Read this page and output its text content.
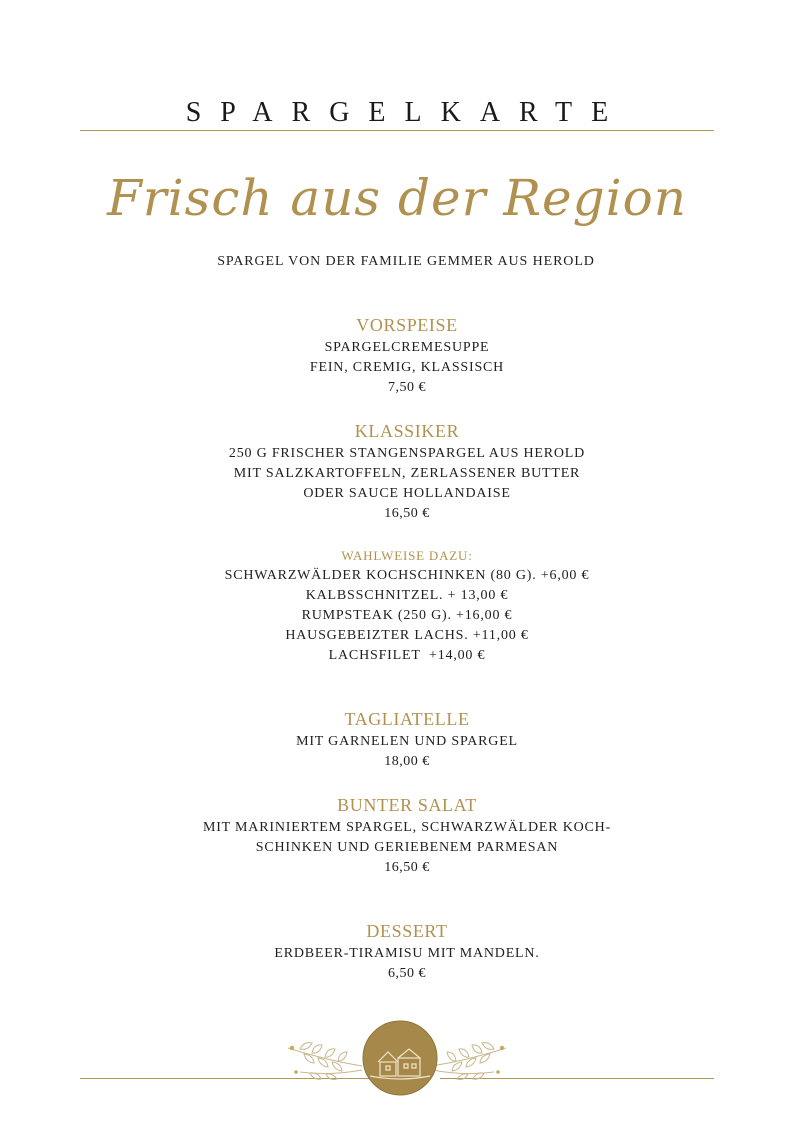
SPARGELKARTE
Frisch aus der Region
SPARGEL VON DER FAMILIE GEMMER AUS HEROLD
VORSPEISE
SPARGELCREMESUPPE
FEIN, CREMIG, KLASSISCH
7,50 €
KLASSIKER
250 G FRISCHER STANGENSPARGEL AUS HEROLD
MIT SALZKARTOFFELN, ZERLASSENER BUTTER
ODER SAUCE HOLLANDAISE
16,50 €
WAHLWEISE DAZU:
SCHWARZWÄLDER KOCHSCHINKEN (80 G). +6,00 €
KALBSSCHNITZEL. + 13,00 €
RUMPSTEAK (250 G). +16,00 €
HAUSGEBEIZTER LACHS. +11,00 €
LACHSFILET  +14,00 €
TAGLIATELLE
MIT GARNELEN UND SPARGEL
18,00 €
BUNTER SALAT
MIT MARINIERTEM SPARGEL, SCHWARZWÄLDER KOCH-
SCHINKEN UND GERIEBENEM PARMESAN
16,50 €
DESSERT
ERDBEER-TIRAMISU MIT MANDELN.
6,50 €
